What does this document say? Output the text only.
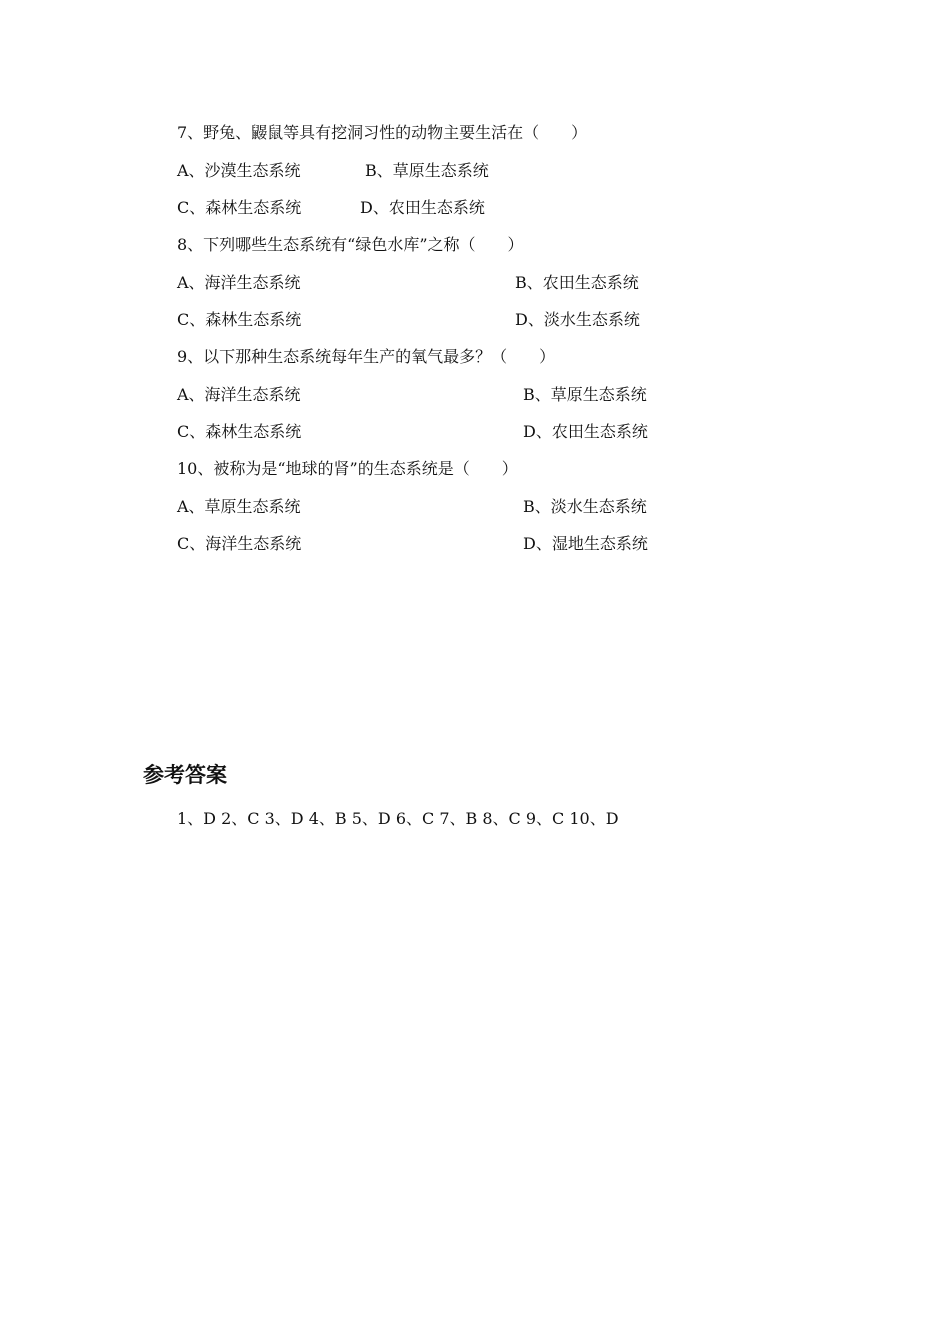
7、野兔、鼹鼠等具有挖洞习性的动物主要生活在（　　）
A、沙漠生态系统	B、草原生态系统
C、森林生态系统	D、农田生态系统
8、下列哪些生态系统有“绿色水库”之称（　　）
A、海洋生态系统	B、农田生态系统
C、森林生态系统	D、淡水生态系统
9、以下那种生态系统每年生产的氧气最多？（　　）
A、海洋生态系统	B、草原生态系统
C、森林生态系统	D、农田生态系统
10、被称为是“地球的肾”的生态系统是（　　）
A、草原生态系统	B、淡水生态系统
C、海洋生态系统	D、湿地生态系统
参考答案
1、D 2、C 3、D 4、B 5、D 6、C 7、B 8、C 9、C 10、D
